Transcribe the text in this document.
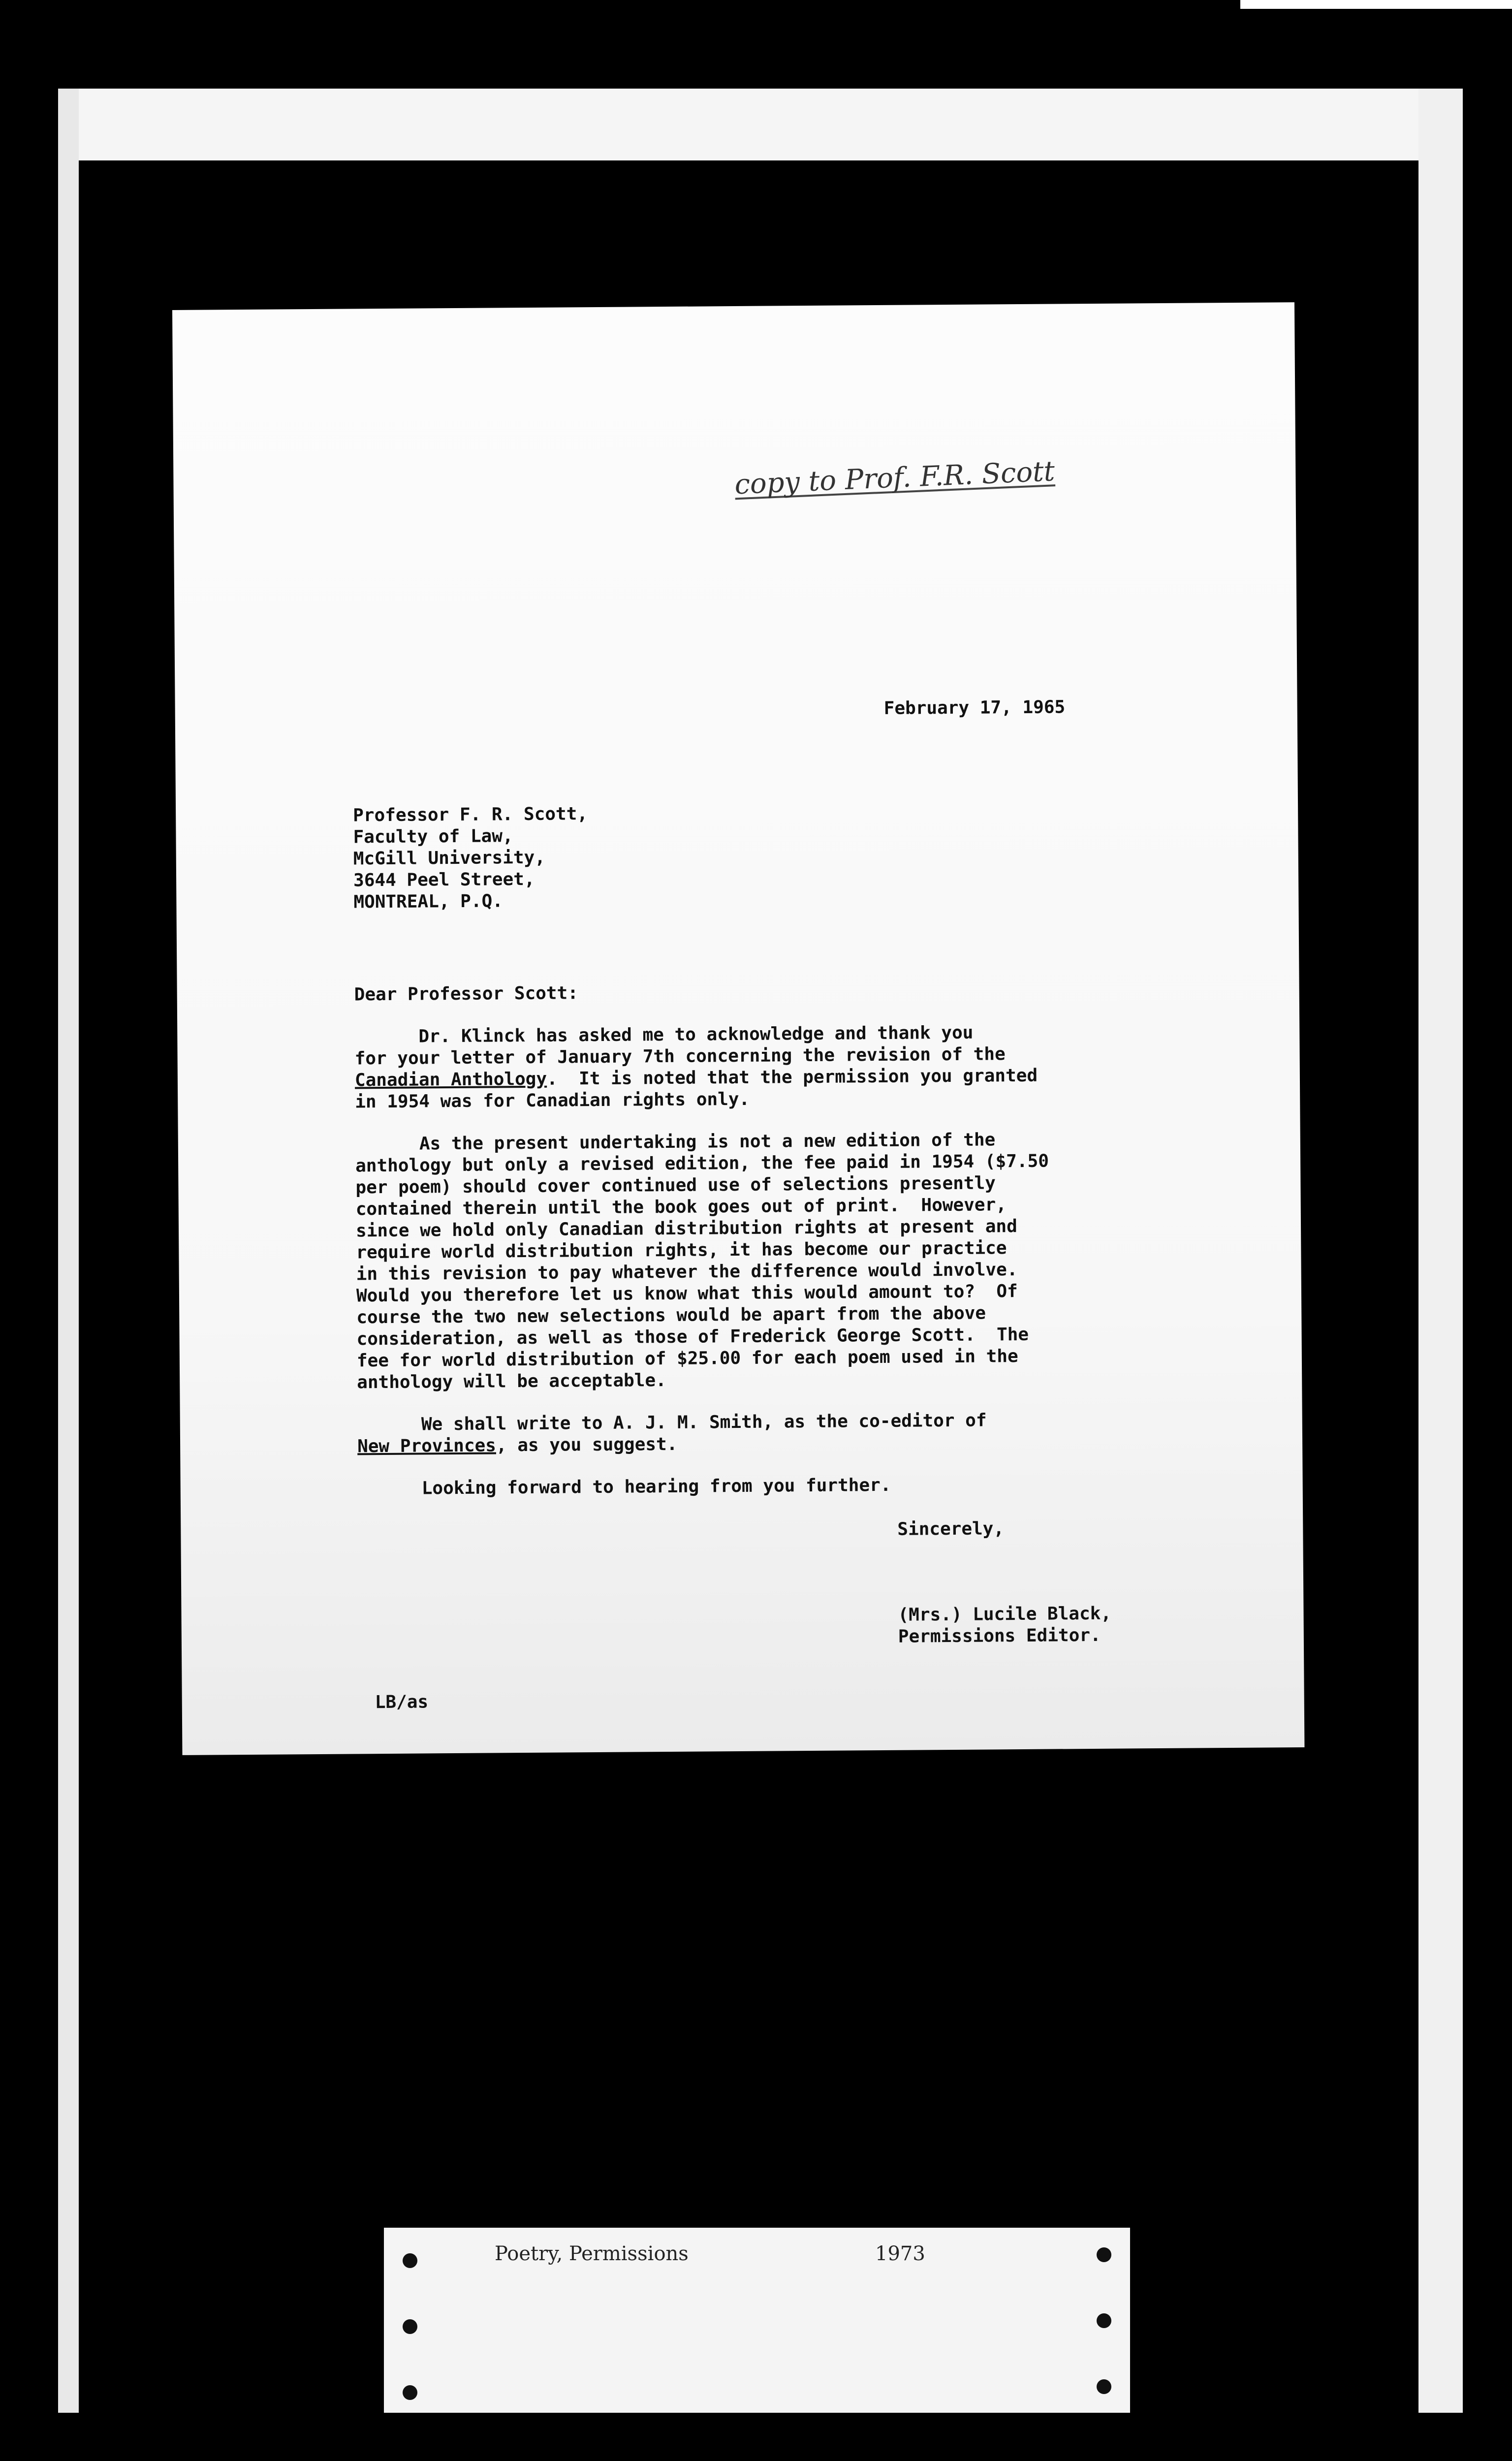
copy to Prof. F.R. Scott
February 17, 1965
Professor F. R. Scott,
Faculty of Law,
McGill University,
3644 Peel Street,
MONTREAL, P.Q.
Dear Professor Scott:
Dr. Klinck has asked me to acknowledge and thank you
for your letter of January 7th concerning the revision of the
Canadian Anthology.  It is noted that the permission you granted
in 1954 was for Canadian rights only.
As the present undertaking is not a new edition of the
anthology but only a revised edition, the fee paid in 1954 ($7.50
per poem) should cover continued use of selections presently
contained therein until the book goes out of print.  However,
since we hold only Canadian distribution rights at present and
require world distribution rights, it has become our practice
in this revision to pay whatever the difference would involve.
Would you therefore let us know what this would amount to?  Of
course the two new selections would be apart from the above
consideration, as well as those of Frederick George Scott.  The
fee for world distribution of $25.00 for each poem used in the
anthology will be acceptable.
We shall write to A. J. M. Smith, as the co-editor of
New Provinces, as you suggest.
Looking forward to hearing from you further.
Sincerely,
(Mrs.) Lucile Black,
Permissions Editor.
LB/as
Poetry, Permissions	1973
